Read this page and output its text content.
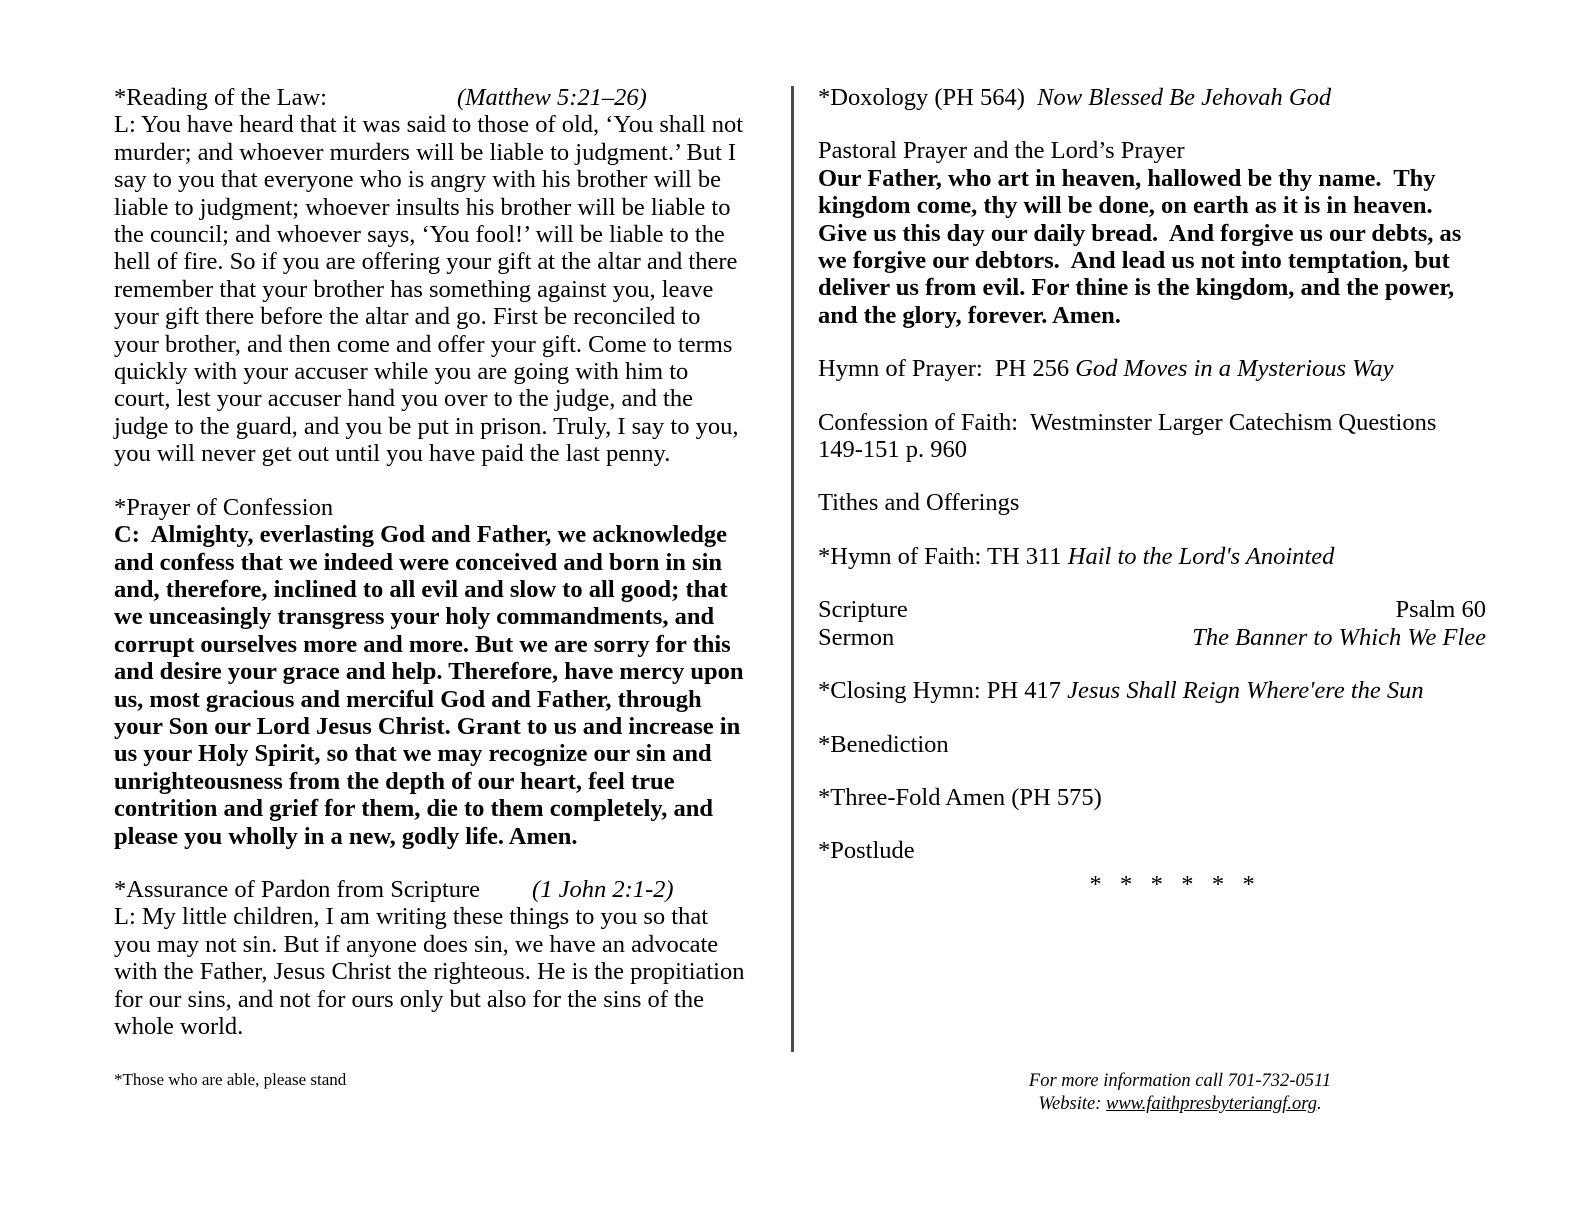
*Reading of the Law:	(Matthew 5:21–26)

L: You have heard that it was said to those of old, ‘You shall not murder; and whoever murders will be liable to judgment.’ But I say to you that everyone who is angry with his brother will be liable to judgment; whoever insults his brother will be liable to the council; and whoever says, ‘You fool!’ will be liable to the hell of fire. So if you are offering your gift at the altar and there remember that your brother has something against you, leave your gift there before the altar and go. First be reconciled to your brother, and then come and offer your gift. Come to terms quickly with your accuser while you are going with him to court, lest your accuser hand you over to the judge, and the judge to the guard, and you be put in prison. Truly, I say to you, you will never get out until you have paid the last penny.

*Prayer of Confession

C:  Almighty, everlasting God and Father, we acknowledge and confess that we indeed were conceived and born in sin and, therefore, inclined to all evil and slow to all good; that we unceasingly transgress your holy commandments, and corrupt ourselves more and more. But we are sorry for this and desire your grace and help. Therefore, have mercy upon us, most gracious and merciful God and Father, through your Son our Lord Jesus Christ. Grant to us and increase in us your Holy Spirit, so that we may recognize our sin and unrighteousness from the depth of our heart, feel true contrition and grief for them, die to them completely, and please you wholly in a new, godly life. Amen.

*Assurance of Pardon from Scripture (1 John 2:1-2)

L: My little children, I am writing these things to you so that you may not sin. But if anyone does sin, we have an advocate with the Father, Jesus Christ the righteous. He is the propitiation for our sins, and not for ours only but also for the sins of the whole world.

*Doxology (PH 564)  Now Blessed Be Jehovah God
Pastoral Prayer and the Lord’s Prayer
Our Father, who art in heaven, hallowed be thy name.  Thy kingdom come, thy will be done, on earth as it is in heaven.  Give us this day our daily bread.  And forgive us our debts, as we forgive our debtors.  And lead us not into temptation, but deliver us from evil. For thine is the kingdom, and the power, and the glory, forever. Amen.
Hymn of Prayer:  PH 256 God Moves in a Mysterious Way
Confession of Faith:  Westminster Larger Catechism Questions 149-151 p. 960
Tithes and Offerings
*Hymn of Faith: TH 311 Hail to the Lord's Anointed
Scripture	Psalm 60
Sermon	The Banner to Which We Flee
*Closing Hymn: PH 417 Jesus Shall Reign Where'ere the Sun
*Benediction
*Three-Fold Amen (PH 575)
*Postlude
*   *   *   *   *   *
*Those who are able, please stand	For more information call 701-732-0511
Website: www.faithpresbyteriangf.org.
